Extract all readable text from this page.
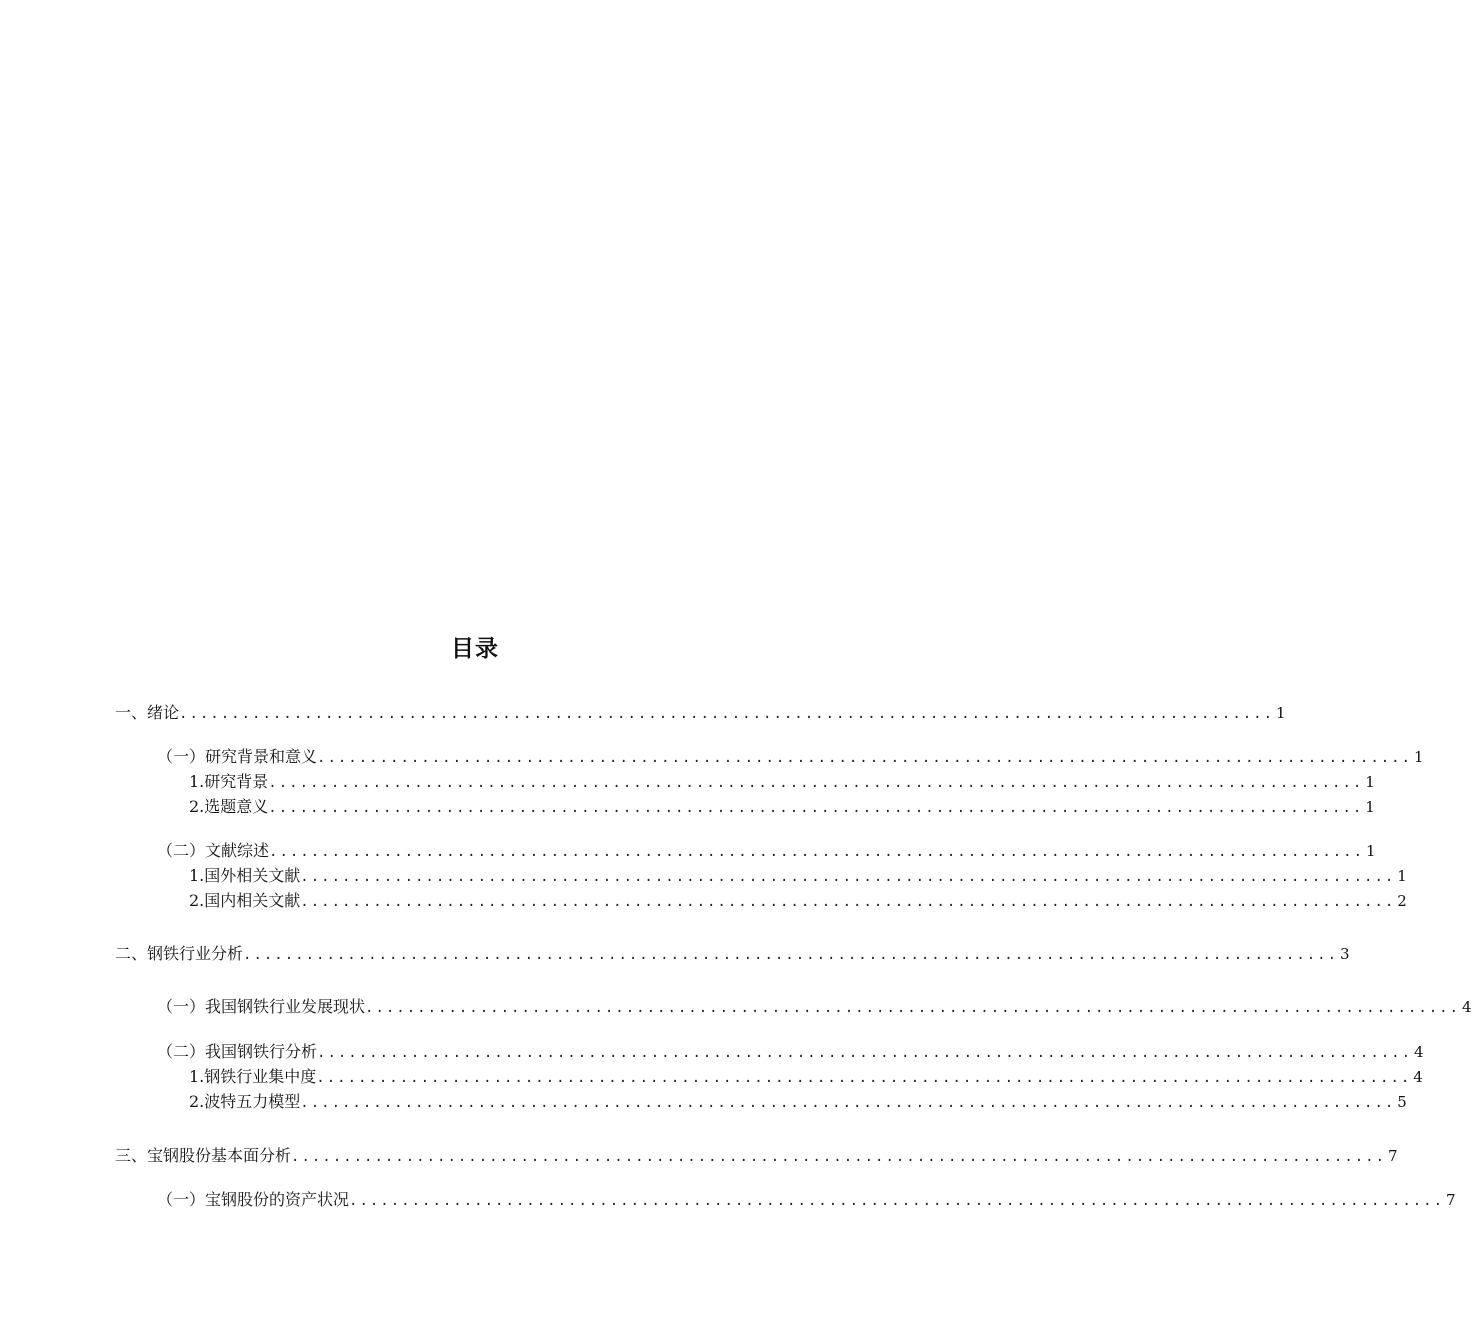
目录
一、绪论 ......................................................................................................... 1
（一）研究背景和意义 ......................................................................................................... 1
1.研究背景 ......................................................................................................... 1
2.选题意义 ......................................................................................................... 1
（二）文献综述 ......................................................................................................... 1
1.国外相关文献 ......................................................................................................... 1
2.国内相关文献 ......................................................................................................... 2
二、钢铁行业分析 ......................................................................................................... 3
（一）我国钢铁行业发展现状 ......................................................................................................... 4
（二）我国钢铁行分析 ......................................................................................................... 4
1.钢铁行业集中度 ......................................................................................................... 4
2.波特五力模型 ......................................................................................................... 5
三、宝钢股份基本面分析 ......................................................................................................... 7
（一）宝钢股份的资产状况 ......................................................................................................... 7
